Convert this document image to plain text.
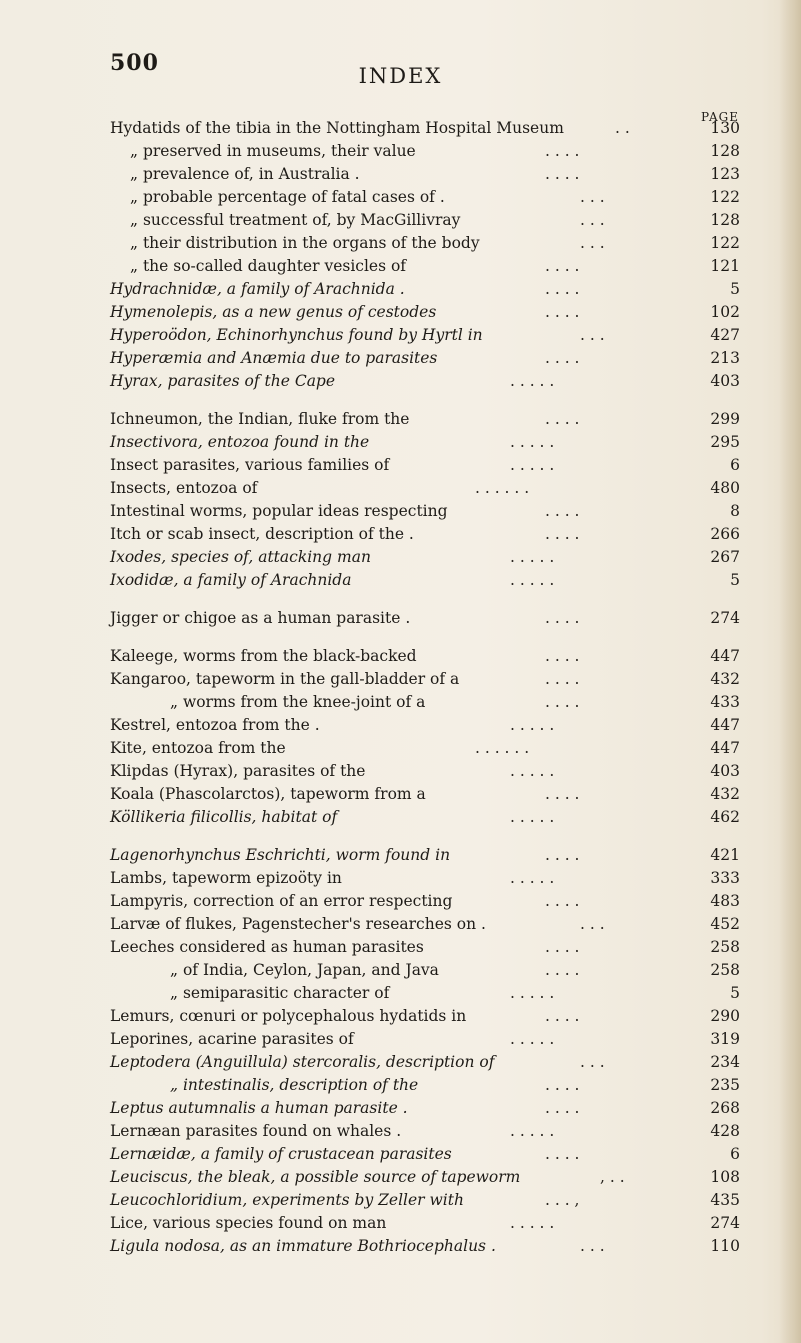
500	INDEX
PAGE
Hydatids of the tibia in the Nottingham Hospital Museum	. .	130
„ preserved in museums, their value	. . . .	128
„ prevalence of, in Australia .	. . . .	123
„ probable percentage of fatal cases of .	. . .	122
„ successful treatment of, by MacGillivray	. . .	128
„ their distribution in the organs of the body	. . .	122
„ the so-called daughter vesicles of	. . . .	121
Hydrachnidæ, a family of Arachnida .	. . . .	5
Hymenolepis, as a new genus of cestodes	. . . .	102
Hyperoödon, Echinorhynchus found by Hyrtl in	. . .	427
Hyperæmia and Anæmia due to parasites	. . . .	213
Hyrax, parasites of the Cape	. . . . .	403
Ichneumon, the Indian, fluke from the	. . . .	299
Insectivora, entozoa found in the	. . . . .	295
Insect parasites, various families of	. . . . .	6
Insects, entozoa of	. . . . . .	480
Intestinal worms, popular ideas respecting	. . . .	8
Itch or scab insect, description of the .	. . . .	266
Ixodes, species of, attacking man	. . . . .	267
Ixodidæ, a family of Arachnida	. . . . .	5
Jigger or chigoe as a human parasite .	. . . .	274
Kaleege, worms from the black-backed	. . . .	447
Kangaroo, tapeworm in the gall-bladder of a	. . . .	432
„ worms from the knee-joint of a	. . . .	433
Kestrel, entozoa from the .	. . . . .	447
Kite, entozoa from the	. . . . . .	447
Klipdas (Hyrax), parasites of the	. . . . .	403
Koala (Phascolarctos), tapeworm from a	. . . .	432
Köllikeria filicollis, habitat of	. . . . .	462
Lagenorhynchus Eschrichti, worm found in	. . . .	421
Lambs, tapeworm epizoöty in	. . . . .	333
Lampyris, correction of an error respecting	. . . .	483
Larvæ of flukes, Pagenstecher's researches on .	. . .	452
Leeches considered as human parasites	. . . .	258
„ of India, Ceylon, Japan, and Java	. . . .	258
„ semiparasitic character of	. . . . .	5
Lemurs, cœnuri or polycephalous hydatids in	. . . .	290
Leporines, acarine parasites of	. . . . .	319
Leptodera (Anguillula) stercoralis, description of	. . .	234
„ intestinalis, description of the	. . . .	235
Leptus autumnalis a human parasite .	. . . .	268
Lernæan parasites found on whales .	. . . . .	428
Lernæidæ, a family of crustacean parasites	. . . .	6
Leuciscus, the bleak, a possible source of tapeworm	, . .	108
Leucochloridium, experiments by Zeller with	. . . ,	435
Lice, various species found on man	. . . . .	274
Ligula nodosa, as an immature Bothriocephalus .	. . .	110
